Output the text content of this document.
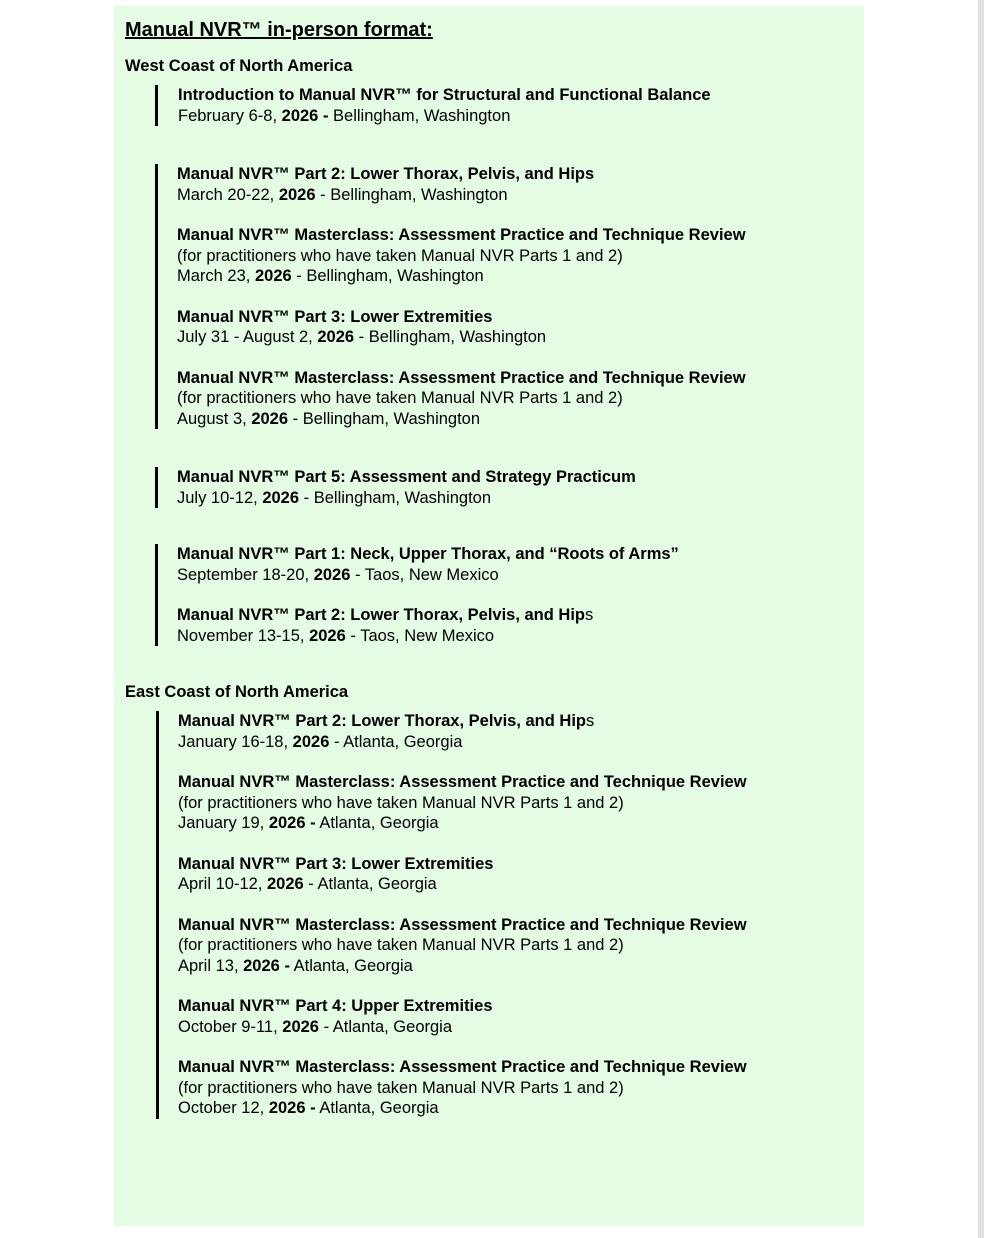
Manual NVR™ in-person format:
West Coast of North America
Introduction to Manual NVR™ for Structural and Functional Balance
February 6-8, 2026 - Bellingham, Washington
Manual NVR™ Part 2: Lower Thorax, Pelvis, and Hips
March 20-22, 2026 - Bellingham, Washington
Manual NVR™ Masterclass: Assessment Practice and Technique Review
(for practitioners who have taken Manual NVR Parts 1 and 2)
March 23, 2026 - Bellingham, Washington
Manual NVR™ Part 3: Lower Extremities
July 31 - August 2, 2026 - Bellingham, Washington
Manual NVR™ Masterclass: Assessment Practice and Technique Review
(for practitioners who have taken Manual NVR Parts 1 and 2)
August 3, 2026 - Bellingham, Washington
Manual NVR™ Part 5: Assessment and Strategy Practicum
July 10-12, 2026 - Bellingham, Washington
Manual NVR™ Part 1: Neck, Upper Thorax, and “Roots of Arms”
September 18-20, 2026 - Taos, New Mexico
Manual NVR™ Part 2: Lower Thorax, Pelvis, and Hips
November 13-15, 2026 - Taos, New Mexico
East Coast of North America
Manual NVR™ Part 2: Lower Thorax, Pelvis, and Hips
January 16-18, 2026 - Atlanta, Georgia
Manual NVR™ Masterclass: Assessment Practice and Technique Review
(for practitioners who have taken Manual NVR Parts 1 and 2)
January 19, 2026 - Atlanta, Georgia
Manual NVR™ Part 3: Lower Extremities
April 10-12, 2026 - Atlanta, Georgia
Manual NVR™ Masterclass: Assessment Practice and Technique Review
(for practitioners who have taken Manual NVR Parts 1 and 2)
April 13, 2026 - Atlanta, Georgia
Manual NVR™ Part 4: Upper Extremities
October 9-11, 2026 - Atlanta, Georgia
Manual NVR™ Masterclass: Assessment Practice and Technique Review
(for practitioners who have taken Manual NVR Parts 1 and 2)
October 12, 2026 - Atlanta, Georgia
